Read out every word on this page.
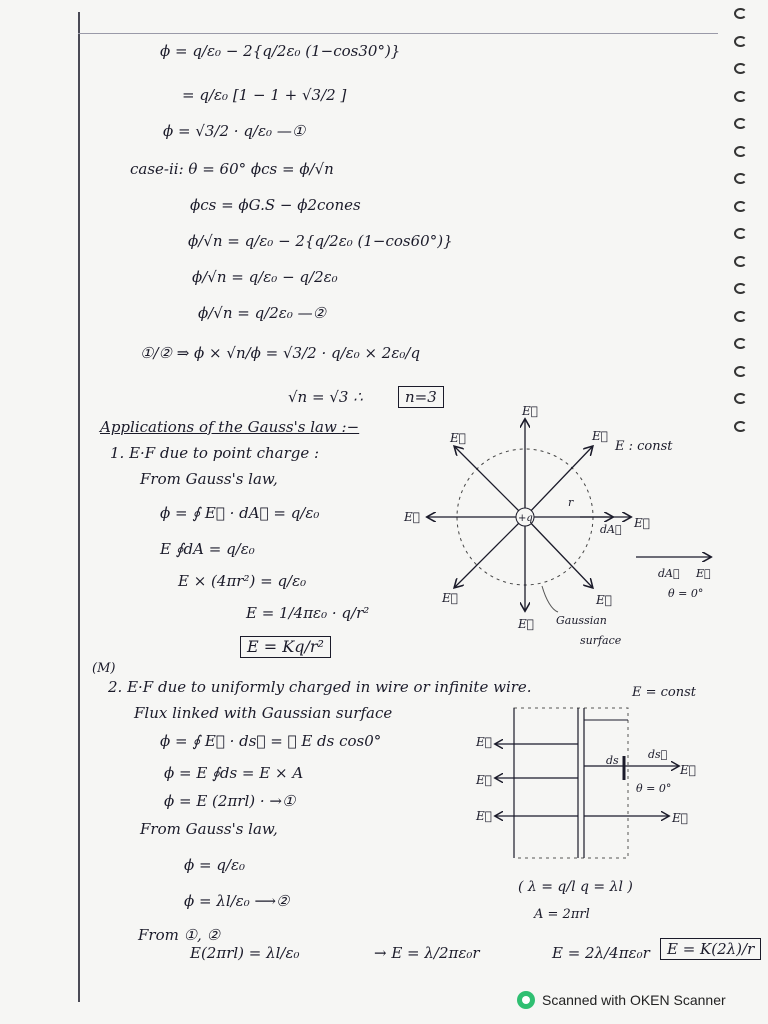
ϕ = q/ε₀ − 2{q/2ε₀ (1−cos30°)}
= q/ε₀ [1 − 1 + √3/2 ]
ϕ = √3/2 · q/ε₀ —①
case-ii: θ = 60° ϕcs = ϕ/√n
ϕcs = ϕG.S − ϕ2cones
ϕ/√n = q/ε₀ − 2{q/2ε₀ (1−cos60°)}
ϕ/√n = q/ε₀ − q/2ε₀
ϕ/√n = q/2ε₀ —②
①/② ⇒ ϕ × √n/ϕ = √3/2 · q/ε₀ × 2ε₀/q
√n = √3 ∴	n=3
Applications of the Gauss's law :−
1. E·F due to point charge :
From Gauss's law,
ϕ = ∮ E⃗ · dA⃗ = q/ε₀
E ∮dA = q/ε₀
E × (4πr²) = q/ε₀
E = 1/4πε₀ · q/r²
E = Kq/r²
(M)
+q
r
dA⃗
E⃗
E⃗	E⃗
E⃗	E⃗
E⃗
E⃗
E⃗
E : const
Gaussian
surface
dA⃗ E⃗
θ = 0°
2. E·F due to uniformly charged in wire or infinite wire.	E = const
Flux linked with Gaussian surface
ϕ = ∮ E⃗ · ds⃗ = ∮ E ds cos0°
ϕ = E ∮ds = E × A
ϕ = E (2πrl) · →①
From Gauss's law,
ϕ = q/ε₀
ϕ = λl/ε₀ ⟶②
( λ = q/l q = λl )
A = 2πrl
From ①, ②
E(2πrl) = λl/ε₀	→ E = λ/2πε₀r	E = 2λ/4πε₀r	E = K(2λ)/r
E⃗
E⃗
E⃗
E⃗
E⃗
ds	ds⃗
θ = 0°
Scanned with OKEN Scanner
